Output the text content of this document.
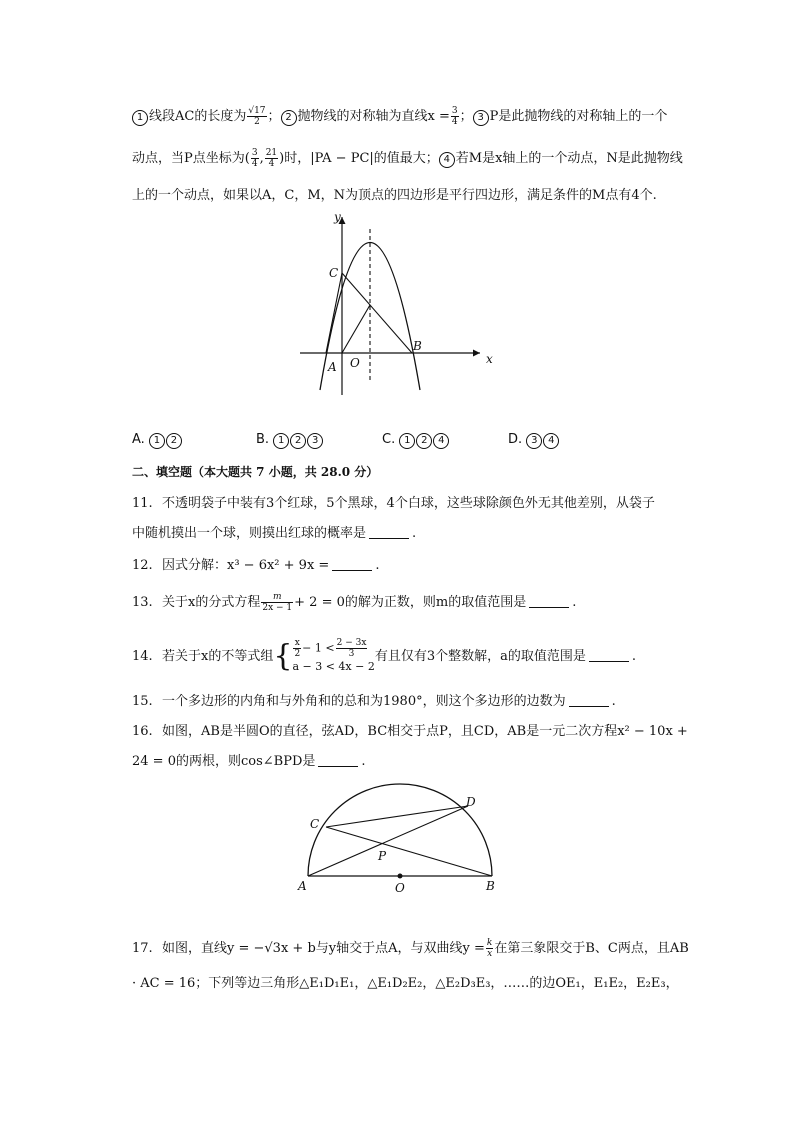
1 线段AC的长度为 $\frac{√17}{2}$ ； 2 抛物线的对称轴为直线$x = \frac{3}{4}$ ； 3 P是此抛物线的对称轴上的一个
动点，当P点坐标为( $\frac{3}{4}$ , $\frac{21}{4}$ )时，|PA − PC|的值最大； 4 若M是x轴上的一个动点，N是此抛物线
上的一个动点，如果以A，C，M，N为顶点的四边形是平行四边形，满足条件的M点有4个.
y
x
C
B
A O
A. 1 2	B. 1 2 3	C. 1 2 4	D. 3 4
二、填空题（本大题共 7 小题，共 28.0 分）
11. 不透明袋子中装有3个红球，5个黑球，4个白球，这些球除颜色外无其他差别，从袋子
中随机摸出一个球，则摸出红球的概率是	.
12. 因式分解：x³ − 6x² + 9x =	.
13. 关于x的分式方程 $\frac{m}{2x - 1} + 2 = 0$的解为正数，则m的取值范围是	.
14. 若关于x的不等式组{ $\frac{x}{2} - 1 < \frac{2 - 3x}{3}$
a − 3 < 4x − 2
有且仅有3个整数解，a的取值范围是	.
15. 一个多边形的内角和与外角和的总和为1980°，则这个多边形的边数为	.
16. 如图，AB是半圆O的直径，弦AD，BC相交于点P，且CD，AB是一元二次方程x² − 10x +
24 = 0的两根，则cos∠BPD是	.
C
D
P
A	O	B
17. 如图，直线y = −√3x + b与y轴交于点A，与双曲线$y = \frac{k}{x}$ 在第三象限交于B、C两点，且AB
· AC = 16；下列等边三角形△E₁D₁E₁，△E₁D₂E₂，△E₂D₃E₃，……的边OE₁，E₁E₂，E₂E₃，
